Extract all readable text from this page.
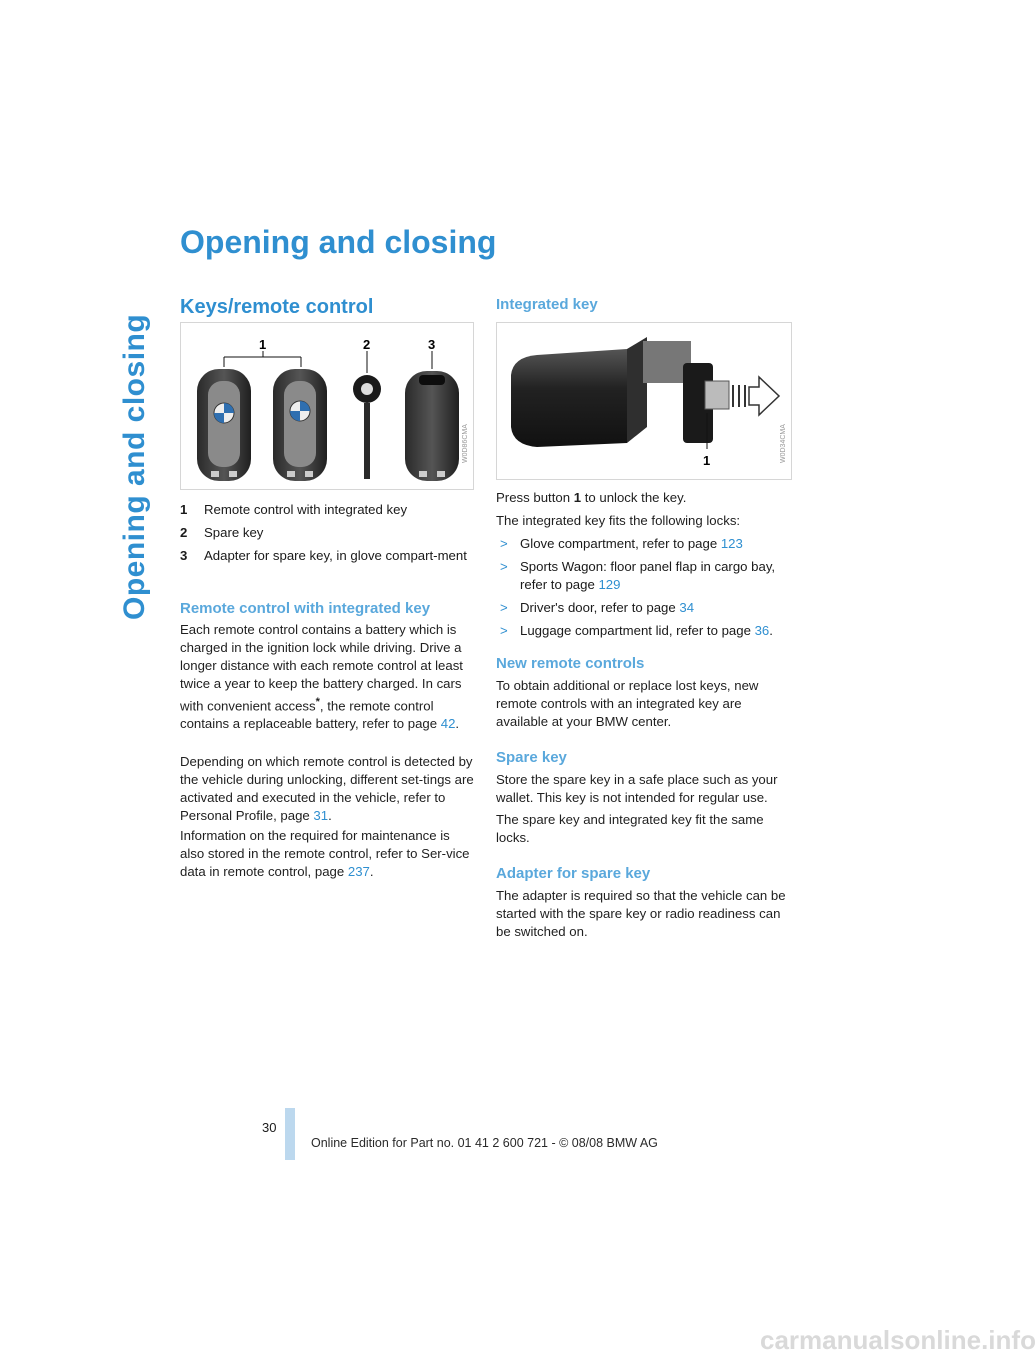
Opening and closing
Opening and closing
Keys/remote control
1	2	3
W0D86CMA
1 Remote control with integrated key
2 Spare key
3 Adapter for spare key, in glove compart-ment
Remote control with integrated key

Each remote control contains a battery which is charged in the ignition lock while driving. Drive a longer distance with each remote control at least twice a year to keep the battery charged. In cars with convenient access*, the remote control contains a replaceable battery, refer to page 42.

Depending on which remote control is detected by the vehicle during unlocking, different set-tings are activated and executed in the vehicle, refer to Personal Profile, page 31.

Information on the required for maintenance is also stored in the remote control, refer to Ser-vice data in remote control, page 237.

Integrated key
1	W0D34CMA

Press button 1 to unlock the key.

The integrated key fits the following locks:

> Glove compartment, refer to page 123
> Sports Wagon: floor panel flap in cargo bay, refer to page 129
> Driver's door, refer to page 34
> Luggage compartment lid, refer to page 36.
New remote controls

To obtain additional or replace lost keys, new remote controls with an integrated key are available at your BMW center.

Spare key

Store the spare key in a safe place such as your wallet. This key is not intended for regular use.

The spare key and integrated key fit the same locks.

Adapter for spare key

The adapter is required so that the vehicle can be started with the spare key or radio readiness can be switched on.

30
Online Edition for Part no. 01 41 2 600 721 - © 08/08 BMW AG
carmanualsonline.info
